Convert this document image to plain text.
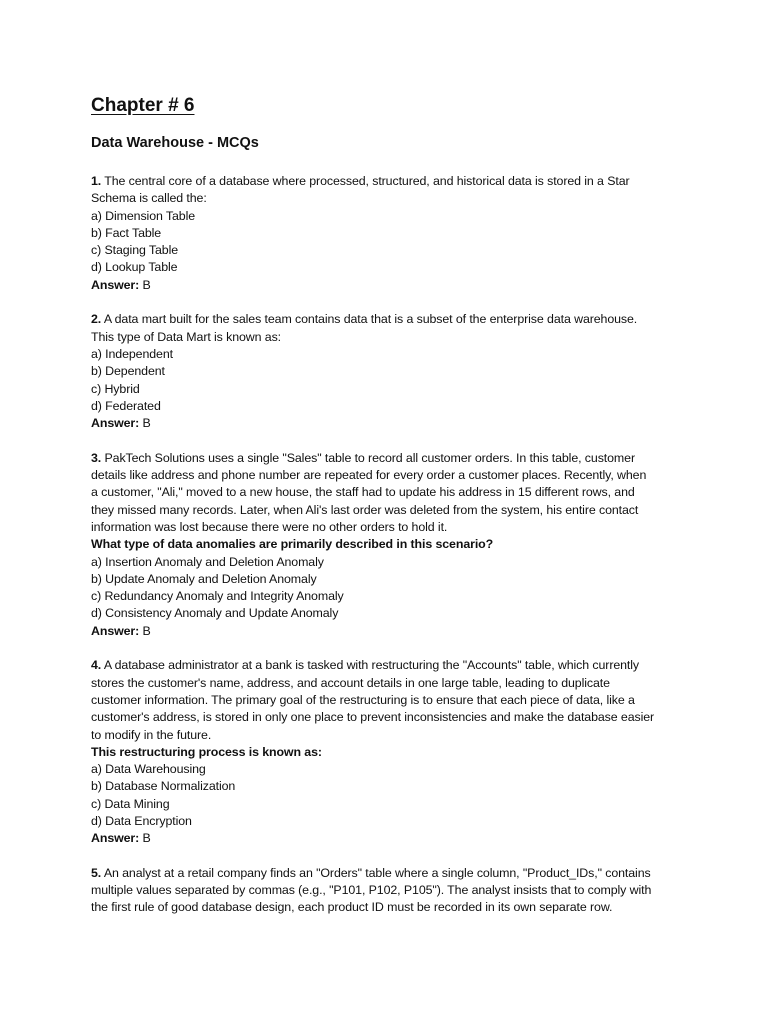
Chapter # 6
Data Warehouse - MCQs
1. The central core of a database where processed, structured, and historical data is stored in a Star
Schema is called the:
a) Dimension Table
b) Fact Table
c) Staging Table
d) Lookup Table
Answer: B
2. A data mart built for the sales team contains data that is a subset of the enterprise data warehouse.
This type of Data Mart is known as:
a) Independent
b) Dependent
c) Hybrid
d) Federated
Answer: B
3. PakTech Solutions uses a single "Sales" table to record all customer orders. In this table, customer
details like address and phone number are repeated for every order a customer places. Recently, when
a customer, "Ali," moved to a new house, the staff had to update his address in 15 different rows, and
they missed many records. Later, when Ali's last order was deleted from the system, his entire contact
information was lost because there were no other orders to hold it.
What type of data anomalies are primarily described in this scenario?
a) Insertion Anomaly and Deletion Anomaly
b) Update Anomaly and Deletion Anomaly
c) Redundancy Anomaly and Integrity Anomaly
d) Consistency Anomaly and Update Anomaly
Answer: B
4. A database administrator at a bank is tasked with restructuring the "Accounts" table, which currently
stores the customer's name, address, and account details in one large table, leading to duplicate
customer information. The primary goal of the restructuring is to ensure that each piece of data, like a
customer's address, is stored in only one place to prevent inconsistencies and make the database easier
to modify in the future.
This restructuring process is known as:
a) Data Warehousing
b) Database Normalization
c) Data Mining
d) Data Encryption
Answer: B
5. An analyst at a retail company finds an "Orders" table where a single column, "Product_IDs," contains
multiple values separated by commas (e.g., "P101, P102, P105"). The analyst insists that to comply with
the first rule of good database design, each product ID must be recorded in its own separate row.
